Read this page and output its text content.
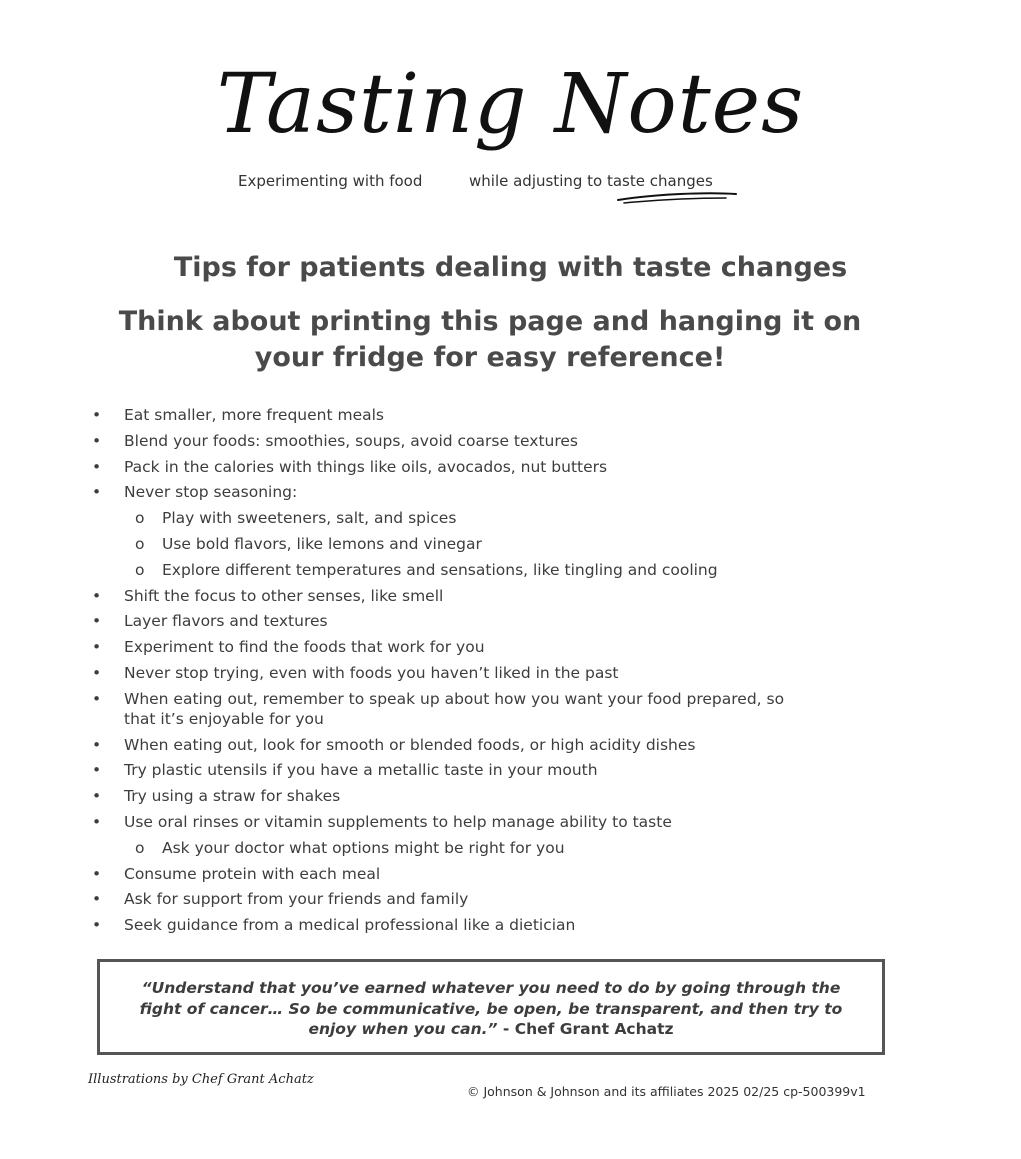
Tasting Notes
Experimenting with food	while adjusting to taste changes
Tips for patients dealing with taste changes
Think about printing this page and hanging it on your fridge for easy reference!
• Eat smaller, more frequent meals
• Blend your foods: smoothies, soups, avoid coarse textures
• Pack in the calories with things like oils, avocados, nut butters
• Never stop seasoning:
o Play with sweeteners, salt, and spices
o Use bold flavors, like lemons and vinegar
o Explore different temperatures and sensations, like tingling and cooling
• Shift the focus to other senses, like smell
• Layer flavors and textures
• Experiment to find the foods that work for you
• Never stop trying, even with foods you haven’t liked in the past
• When eating out, remember to speak up about how you want your food prepared, so that it’s enjoyable for you
• When eating out, look for smooth or blended foods, or high acidity dishes
• Try plastic utensils if you have a metallic taste in your mouth
• Try using a straw for shakes
• Use oral rinses or vitamin supplements to help manage ability to taste
o Ask your doctor what options might be right for you
• Consume protein with each meal
• Ask for support from your friends and family
• Seek guidance from a medical professional like a dietician

“Understand that you’ve earned whatever you need to do by going through the fight of cancer… So be communicative, be open, be transparent, and then try to enjoy when you can.” - Chef Grant Achatz

Illustrations by Chef Grant Achatz
© Johnson & Johnson and its affiliates 2025 02/25 cp-500399v1
